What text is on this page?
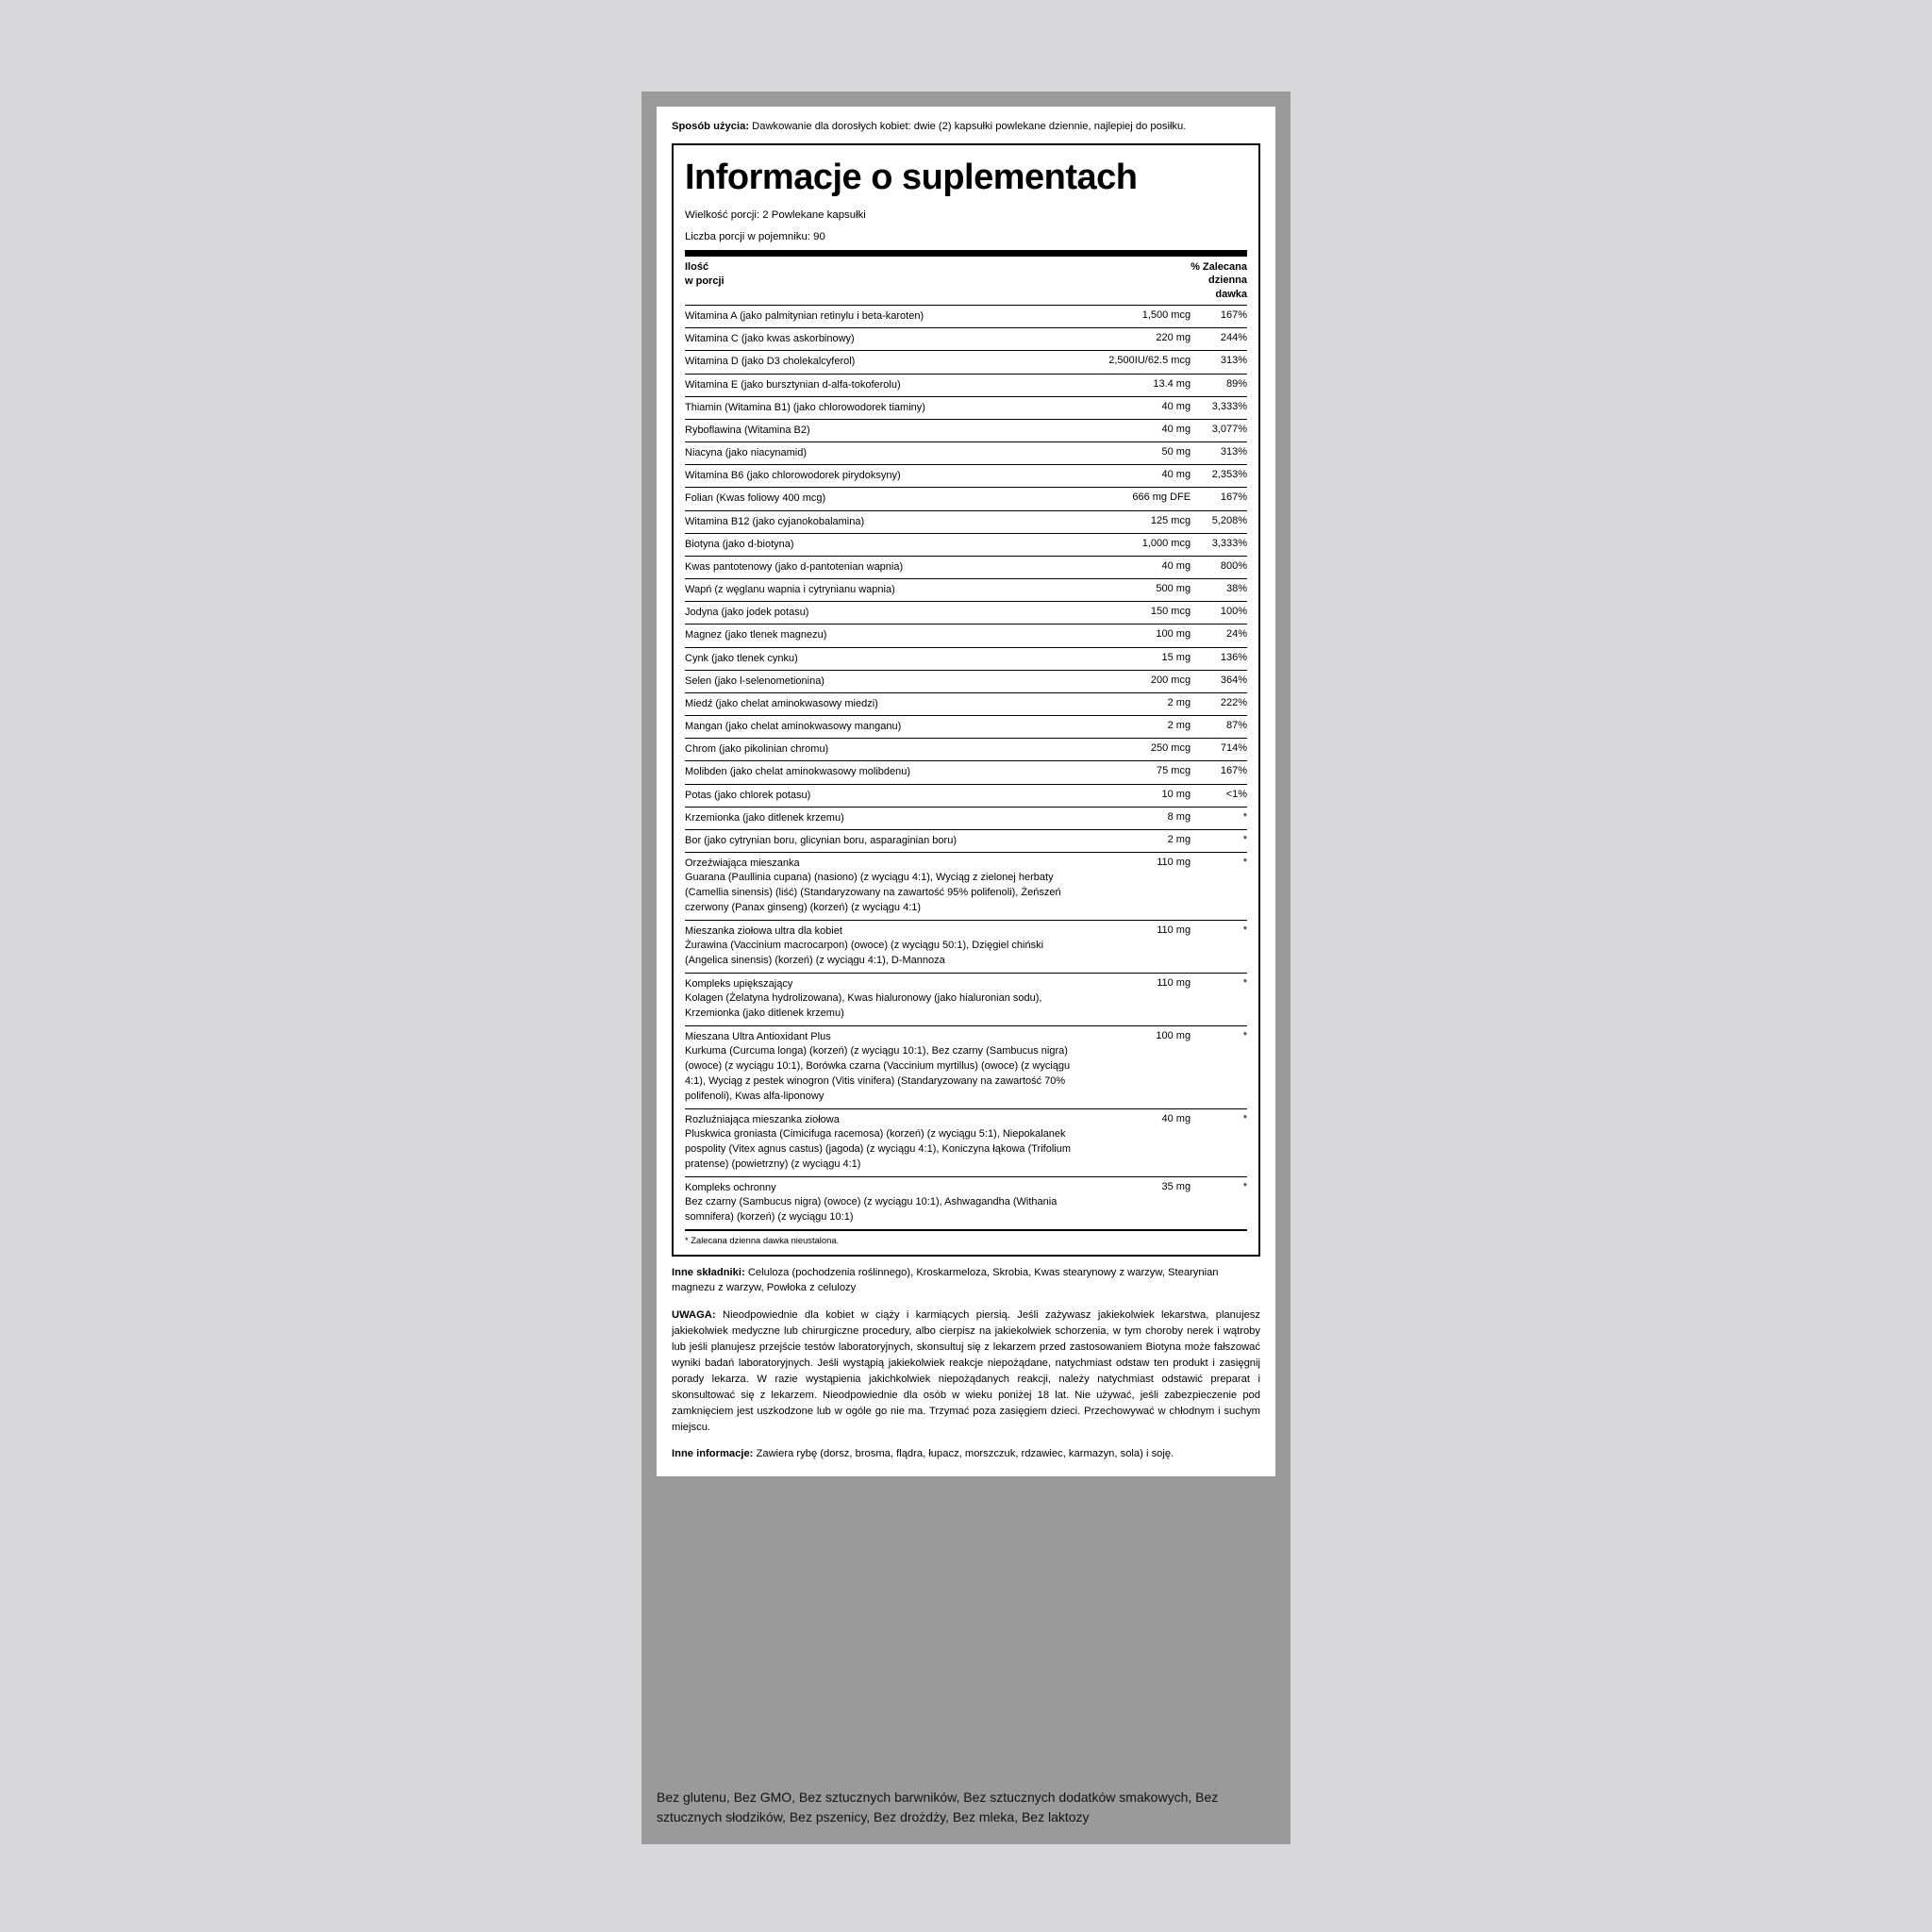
Sposób użycia: Dawkowanie dla dorosłych kobiet: dwie (2) kapsułki powlekane dziennie, najlepiej do posiłku.
Informacje o suplementach
Wielkość porcji: 2 Powlekane kapsułki
Liczba porcji w pojemniku: 90
Ilość
w porcji

% Zalecana
dzienna
dawka

Witamina A (jako palmitynian retinylu i beta-karoten)	1,500 mcg	167%
Witamina C (jako kwas askorbinowy)	220 mg	244%
Witamina D (jako D3 cholekalcyferol)	2,500IU/62.5 mcg	313%
Witamina E (jako bursztynian d-alfa-tokoferolu)	13.4 mg	89%
Thiamin (Witamina B1) (jako chlorowodorek tiaminy)	40 mg	3,333%
Ryboflawina (Witamina B2)	40 mg	3,077%
Niacyna (jako niacynamid)	50 mg	313%
Witamina B6 (jako chlorowodorek pirydoksyny)	40 mg	2,353%
Folian (Kwas foliowy 400 mcg)	666 mg DFE	167%
Witamina B12 (jako cyjanokobalamina)	125 mcg	5,208%
Biotyna (jako d-biotyna)	1,000 mcg	3,333%
Kwas pantotenowy (jako d-pantotenian wapnia)	40 mg	800%
Wapń (z węglanu wapnia i cytrynianu wapnia)	500 mg	38%
Jodyna (jako jodek potasu)	150 mcg	100%
Magnez (jako tlenek magnezu)	100 mg	24%
Cynk (jako tlenek cynku)	15 mg	136%
Selen (jako l-selenometionina)	200 mcg	364%
Miedź (jako chelat aminokwasowy miedzi)	2 mg	222%
Mangan (jako chelat aminokwasowy manganu)	2 mg	87%
Chrom (jako pikolinian chromu)	250 mcg	714%
Molibden (jako chelat aminokwasowy molibdenu)	75 mcg	167%
Potas (jako chlorek potasu)	10 mg	<1%
Krzemionka (jako ditlenek krzemu)	8 mg	*
Bor (jako cytrynian boru, glicynian boru, asparaginian boru)	2 mg	*

Orzeźwiająca mieszanka
Guarana (Paullinia cupana) (nasiono) (z wyciągu 4:1), Wyciąg z zielonej herbaty (Camellia sinensis) (liść) (Standaryzowany na zawartość 95% polifenoli), Żeńszeń czerwony (Panax ginseng) (korzeń) (z wyciągu 4:1)	110 mg	*

Mieszanka ziołowa ultra dla kobiet
Żurawina (Vaccinium macrocarpon) (owoce) (z wyciągu 50:1), Dzięgiel chiński (Angelica sinensis) (korzeń) (z wyciągu 4:1), D-Mannoza	110 mg	*

Kompleks upiększający
Kolagen (Żelatyna hydrolizowana), Kwas hialuronowy (jako hialuronian sodu), Krzemionka (jako ditlenek krzemu)	110 mg	*

Mieszana Ultra Antioxidant Plus
Kurkuma (Curcuma longa) (korzeń) (z wyciągu 10:1), Bez czarny (Sambucus nigra) (owoce) (z wyciągu 10:1), Borówka czarna (Vaccinium myrtillus) (owoce) (z wyciągu 4:1), Wyciąg z pestek winogron (Vitis vinifera) (Standaryzowany na zawartość 70% polifenoli), Kwas alfa-liponowy	100 mg	*

Rozluźniająca mieszanka ziołowa
Pluskwica groniasta (Cimicifuga racemosa) (korzeń) (z wyciągu 5:1), Niepokalanek pospolity (Vitex agnus castus) (jagoda) (z wyciągu 4:1), Koniczyna łąkowa (Trifolium pratense) (powietrzny) (z wyciągu 4:1)	40 mg	*

Kompleks ochronny
Bez czarny (Sambucus nigra) (owoce) (z wyciągu 10:1), Ashwagandha (Withania somnifera) (korzeń) (z wyciągu 10:1)	35 mg	*
* Zalecana dzienna dawka nieustalona.
Inne składniki: Celuloza (pochodzenia roślinnego), Kroskarmeloza, Skrobia, Kwas stearynowy z warzyw, Stearynian magnezu z warzyw, Powłoka z celulozy
UWAGA: Nieodpowiednie dla kobiet w ciąży i karmiących piersią. Jeśli zażywasz jakiekolwiek lekarstwa, planujesz jakiekolwiek medyczne lub chirurgiczne procedury, albo cierpisz na jakiekolwiek schorzenia, w tym choroby nerek i wątroby lub jeśli planujesz przejście testów laboratoryjnych, skonsultuj się z lekarzem przed zastosowaniem Biotyna może fałszować wyniki badań laboratoryjnych. Jeśli wystąpią jakiekolwiek reakcje niepożądane, natychmiast odstaw ten produkt i zasięgnij porady lekarza. W razie wystąpienia jakichkolwiek niepożądanych reakcji, należy natychmiast odstawić preparat i skonsultować się z lekarzem. Nieodpowiednie dla osób w wieku poniżej 18 lat. Nie używać, jeśli zabezpieczenie pod zamknięciem jest uszkodzone lub w ogóle go nie ma. Trzymać poza zasięgiem dzieci. Przechowywać w chłodnym i suchym miejscu.
Inne informacje: Zawiera rybę (dorsz, brosma, flądra, łupacz, morszczuk, rdzawiec, karmazyn, sola) i soję.
Bez glutenu, Bez GMO, Bez sztucznych barwników, Bez sztucznych dodatków smakowych, Bez sztucznych słodzików, Bez pszenicy, Bez drożdży, Bez mleka, Bez laktozy
